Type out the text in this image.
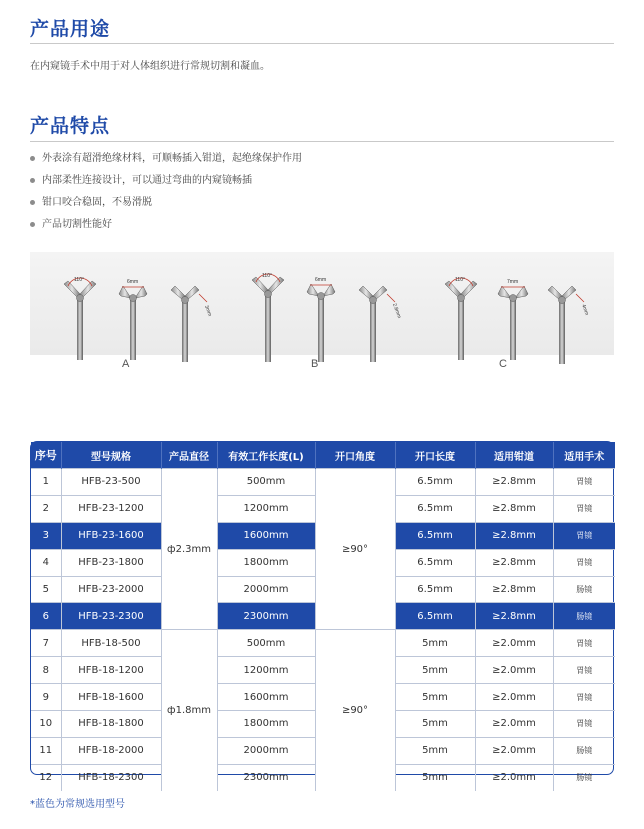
产品用途
在内窥镜手术中用于对人体组织进行常规切割和凝血。
产品特点
外表涂有超滑绝缘材料，可顺畅插入钳道，起绝缘保护作用
内部柔性连接设计，可以通过弯曲的内窥镜畅插
钳口咬合稳固，不易滑脱
产品切割性能好
110°	6mm
3mm
110°
6mm
2.8mm
110°	7mm
4mm
A	B	C
序号	型号规格	产品直径	有效工作长度(L)	开口角度	开口长度	适用钳道	适用手术
1	HFB-23-500	ф2.3mm	500mm	≥90°	6.5mm	≥2.8mm	胃镜
2	HFB-23-1200		1200mm		6.5mm	≥2.8mm	胃镜
3	HFB-23-1600		1600mm		6.5mm	≥2.8mm	胃镜
4	HFB-23-1800		1800mm		6.5mm	≥2.8mm	胃镜
5	HFB-23-2000		2000mm		6.5mm	≥2.8mm	肠镜
6	HFB-23-2300		2300mm		6.5mm	≥2.8mm	肠镜
7	HFB-18-500	ф1.8mm	500mm	≥90°	5mm	≥2.0mm	胃镜
8	HFB-18-1200		1200mm		5mm	≥2.0mm	胃镜
9	HFB-18-1600		1600mm		5mm	≥2.0mm	胃镜
10	HFB-18-1800		1800mm		5mm	≥2.0mm	胃镜
11	HFB-18-2000		2000mm		5mm	≥2.0mm	肠镜
12	HFB-18-2300		2300mm		5mm	≥2.0mm	肠镜
*蓝色为常规选用型号
